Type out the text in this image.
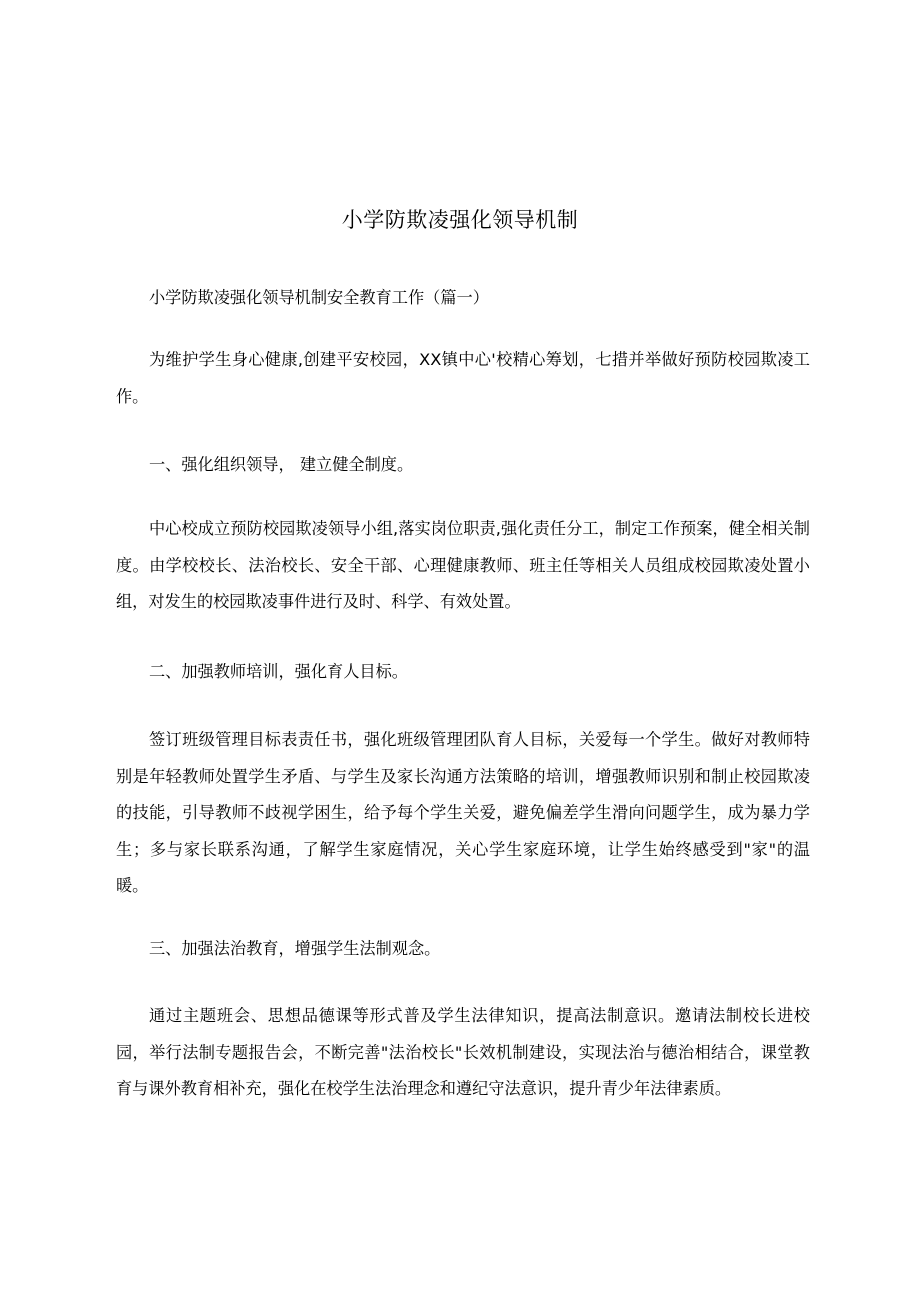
小学防欺凌强化领导机制

小学防欺凌强化领导机制安全教育工作（篇一）

为维护学生身心健康,创建平安校园，XX镇中心'校精心筹划，七措并举做好预防校园欺凌工作。

一、强化组织领导， 建立健全制度。

中心校成立预防校园欺凌领导小组,落实岗位职责,强化责任分工，制定工作预案，健全相关制度。由学校校长、法治校长、安全干部、心理健康教师、班主任等相关人员组成校园欺凌处置小组，对发生的校园欺凌事件进行及时、科学、有效处置。

二、加强教师培训，强化育人目标。

签订班级管理目标表责任书，强化班级管理团队育人目标，关爱每一个学生。做好对教师特别是年轻教师处置学生矛盾、与学生及家长沟通方法策略的培训，增强教师识别和制止校园欺凌的技能，引导教师不歧视学困生，给予每个学生关爱，避免偏差学生滑向问题学生，成为暴力学生；多与家长联系沟通，了解学生家庭情况，关心学生家庭环境，让学生始终感受到"家"的温暖。

三、加强法治教育，增强学生法制观念。

通过主题班会、思想品德课等形式普及学生法律知识，提高法制意识。邀请法制校长进校园，举行法制专题报告会，不断完善"法治校长"长效机制建设，实现法治与德治相结合，课堂教育与课外教育相补充，强化在校学生法治理念和遵纪守法意识，提升青少年法律素质。
